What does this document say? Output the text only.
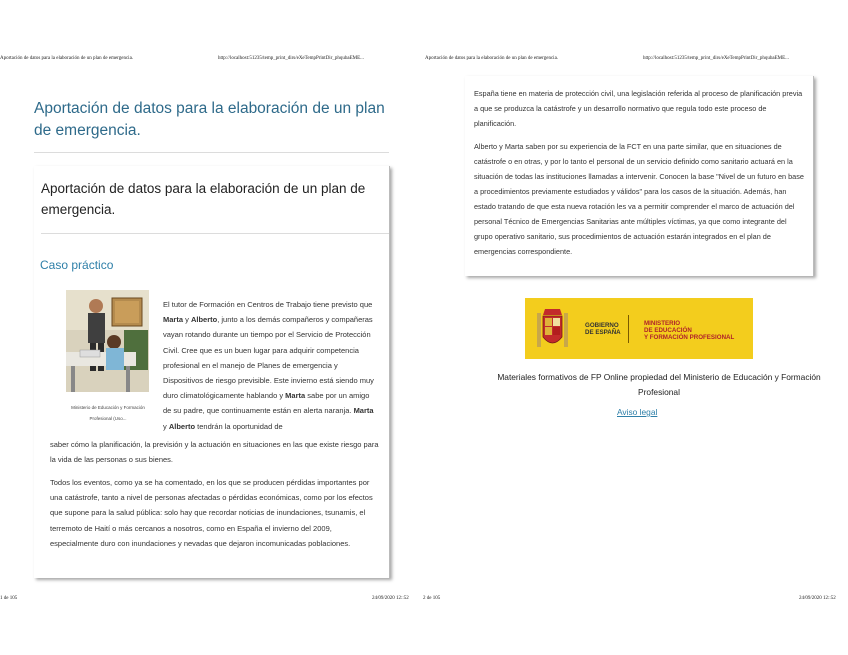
Aportación de datos para la elaboración de un plan de emergencia.	http://localhost:51235/temp_print_dirs/eXeTempPrintDir_phqubaEME...	Aportación de datos para la elaboración de un plan de emergencia.	http://localhost:51235/temp_print_dirs/eXeTempPrintDir_phqubaEME...
Aportación de datos para la elaboración de un plan de emergencia.
Aportación de datos para la elaboración de un plan de emergencia.
Caso práctico
Ministerio de Educación y Formación
Profesional (Uso...
El tutor de Formación en Centros de Trabajo tiene previsto que Marta y Alberto, junto a los demás compañeros y compañeras vayan rotando durante un tiempo por el Servicio de Protección Civil. Cree que es un buen lugar para adquirir competencia profesional en el manejo de Planes de emergencia y Dispositivos de riesgo previsible. Este invierno está siendo muy duro climatológicamente hablando y Marta sabe por un amigo de su padre, que continuamente están en alerta naranja. Marta y Alberto tendrán la oportunidad de
saber cómo la planificación, la previsión y la actuación en situaciones en las que existe riesgo para la vida de las personas o sus bienes.
Todos los eventos, como ya se ha comentado, en los que se producen pérdidas importantes por una catástrofe, tanto a nivel de personas afectadas o pérdidas económicas, como por los efectos que supone para la salud pública: solo hay que recordar noticias de inundaciones, tsunamis, el terremoto de Haití o más cercanos a nosotros, como en España el invierno del 2009, especialmente duro con inundaciones y nevadas que dejaron incomunicadas poblaciones.
España tiene en materia de protección civil, una legislación referida al proceso de planificación previa a que se produzca la catástrofe y un desarrollo normativo que regula todo este proceso de planificación.
Alberto y Marta saben por su experiencia de la FCT en una parte similar, que en situaciones de catástrofe o en otras, y por lo tanto el personal de un servicio definido como sanitario actuará en la situación de todas las instituciones llamadas a intervenir. Conocen la base "Nivel de un futuro en base a procedimientos previamente estudiados y válidos" para los casos de la situación. Además, han estado tratando de que esta nueva rotación les va a permitir comprender el marco de actuación del personal Técnico de Emergencias Sanitarias ante múltiples víctimas, ya que como integrante del grupo operativo sanitario, sus procedimientos de actuación estarán integrados en el plan de emergencias correspondiente.
GOBIERNO
DE ESPAÑA
MINISTERIO
DE EDUCACIÓN
Y FORMACIÓN PROFESIONAL
Materiales formativos de FP Online propiedad del Ministerio de Educación y Formación Profesional
Aviso legal
1 de 105	24/09/2020 12::52	2 de 105	24/09/2020 12::52
